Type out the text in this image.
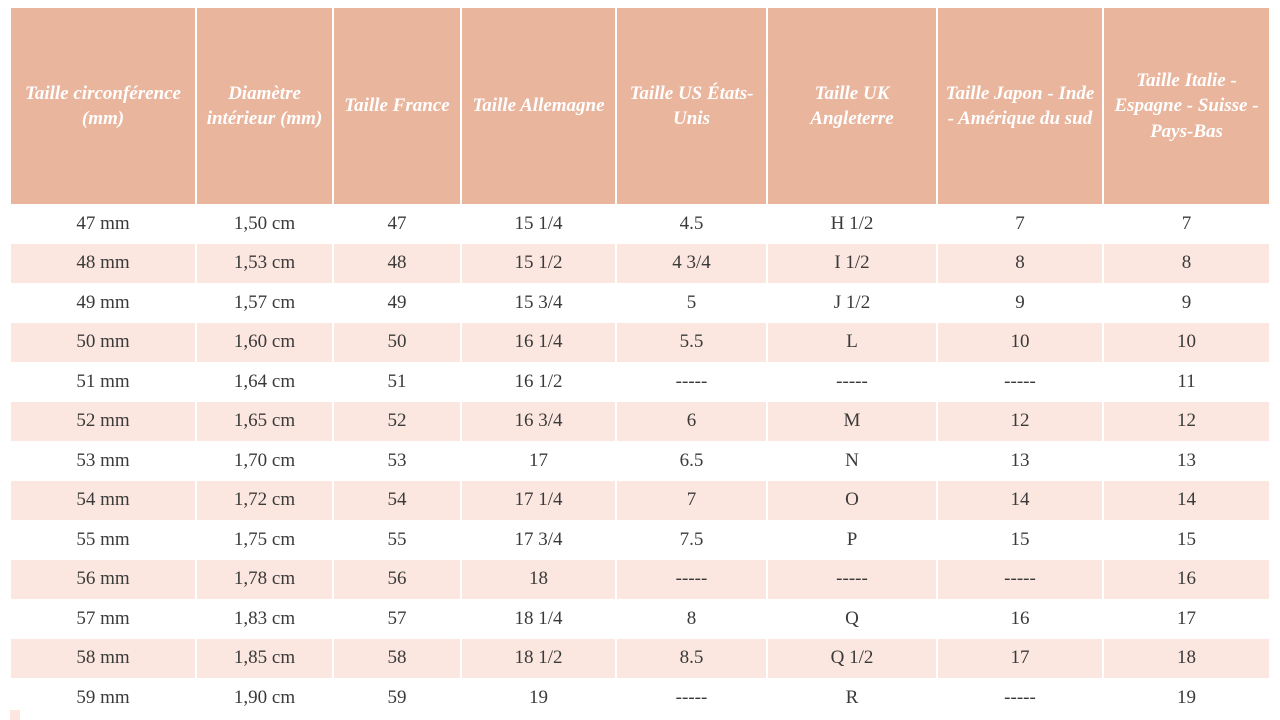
Taille circonférence (mm)	Diamètre intérieur (mm)	Taille France	Taille Allemagne	Taille US États-Unis	Taille UK Angleterre	Taille Japon - Inde - Amérique du sud	Taille Italie - Espagne - Suisse - Pays-Bas
47 mm	1,50 cm	47	15 1/4	4.5	H 1/2	7	7
48 mm	1,53 cm	48	15 1/2	4 3/4	I 1/2	8	8
49 mm	1,57 cm	49	15 3/4	5	J 1/2	9	9
50 mm	1,60 cm	50	16 1/4	5.5	L	10	10
51 mm	1,64 cm	51	16 1/2	-----	-----	-----	11
52 mm	1,65 cm	52	16 3/4	6	M	12	12
53 mm	1,70 cm	53	17	6.5	N	13	13
54 mm	1,72 cm	54	17 1/4	7	O	14	14
55 mm	1,75 cm	55	17 3/4	7.5	P	15	15
56 mm	1,78 cm	56	18	-----	-----	-----	16
57 mm	1,83 cm	57	18 1/4	8	Q	16	17
58 mm	1,85 cm	58	18 1/2	8.5	Q 1/2	17	18
59 mm	1,90 cm	59	19	-----	R	-----	19
